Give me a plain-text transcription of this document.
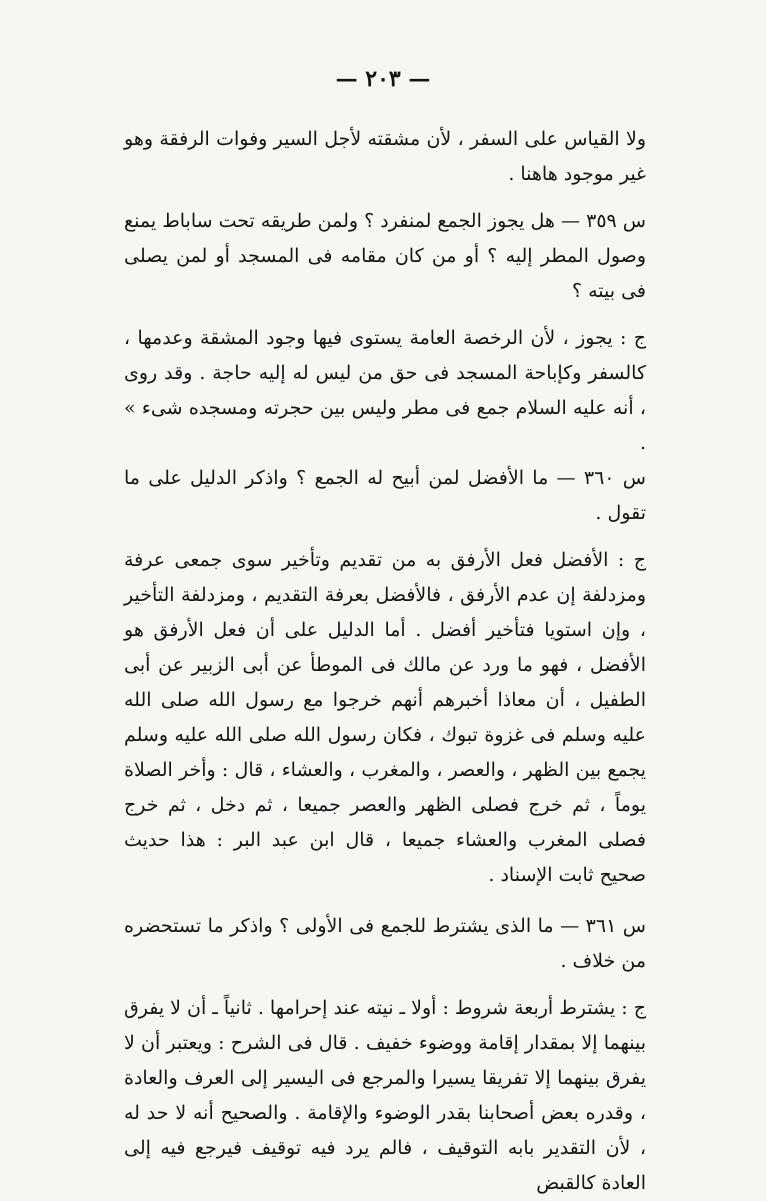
— ٢٠٣ —

ولا القياس على السفر ، لأن مشقته لأجل السير وفوات الرفقة وهو غير موجود هاهنا .

س ٣٥٩ — هل يجوز الجمع لمنفرد ؟ ولمن طريقه تحت ساباط يمنع وصول المطر إليه ؟ أو من كان مقامه فى المسجد أو لمن يصلى فى بيته ؟

ج : يجوز ، لأن الرخصة العامة يستوى فيها وجود المشقة وعدمها ، كالسفر وكإباحة المسجد فى حق من ليس له إليه حاجة . وقد روى ، أنه عليه السلام جمع فى مطر وليس بين حجرته ومسجده شىء » .

س ٣٦٠ — ما الأفضل لمن أبيح له الجمع ؟ واذكر الدليل على ما تقول .

ج : الأفضل فعل الأرفق به من تقديم وتأخير سوى جمعى عرفة ومزدلفة إن عدم الأرفق ، فالأفضل بعرفة التقديم ، ومزدلفة التأخير ، وإن استويا فتأخير أفضل . أما الدليل على أن فعل الأرفق هو الأفضل ، فهو ما ورد عن مالك فى الموطأ عن أبى الزبير عن أبى الطفيل ، أن معاذا أخبرهم أنهم خرجوا مع رسول الله صلى الله عليه وسلم فى غزوة تبوك ، فكان رسول الله صلى الله عليه وسلم يجمع بين الظهر ، والعصر ، والمغرب ، والعشاء ، قال : وأخر الصلاة يوماً ، ثم خرج فصلى الظهر والعصر جميعا ، ثم دخل ، ثم خرج فصلى المغرب والعشاء جميعا ، قال ابن عبد البر : هذا حديث صحيح ثابت الإسناد .

س ٣٦١ — ما الذى يشترط للجمع فى الأولى ؟ واذكر ما تستحضره من خلاف .

ج : يشترط أربعة شروط : أولا ـ نيته عند إحرامها . ثانياً ـ أن لا يفرق بينهما إلا بمقدار إقامة ووضوء خفيف . قال فى الشرح : ويعتبر أن لا يفرق بينهما إلا تفريقا يسيرا والمرجع فى اليسير إلى العرف والعادة ، وقدره بعض أصحابنا بقدر الوضوء والإقامة . والصحيح أنه لا حد له ، لأن التقدير بابه التوقيف ، فالم يرد فيه توقيف فيرجع فيه إلى العادة كالقبض
